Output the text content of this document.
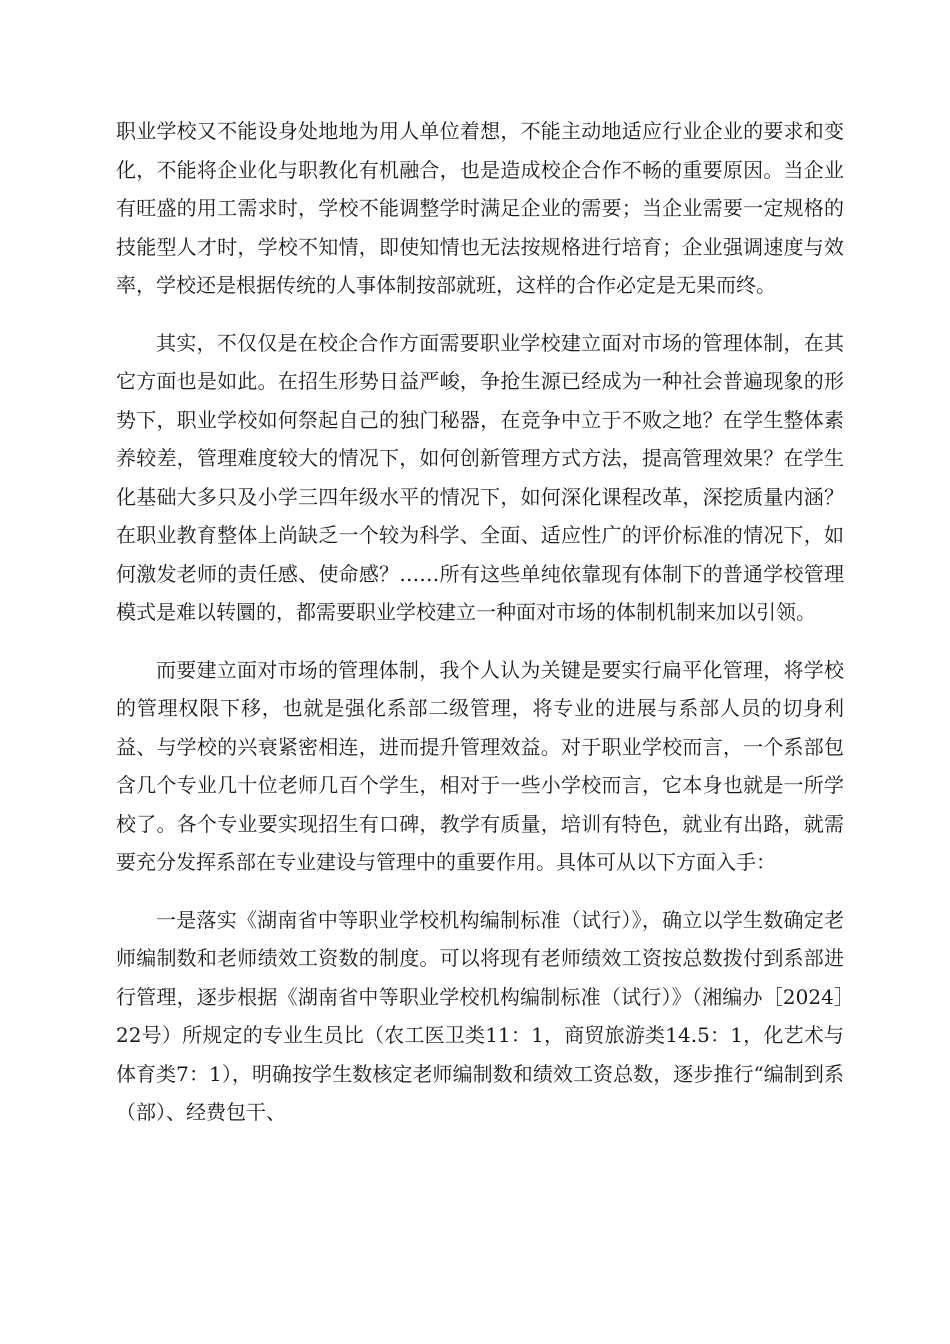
职业学校又不能设身处地地为用人单位着想，不能主动地适应行业企业的要求和变化，不能将企业化与职教化有机融合，也是造成校企合作不畅的重要原因。当企业有旺盛的用工需求时，学校不能调整学时满足企业的需要；当企业需要一定规格的技能型人才时，学校不知情，即使知情也无法按规格进行培育；企业强调速度与效率，学校还是根据传统的人事体制按部就班，这样的合作必定是无果而终。

其实，不仅仅是在校企合作方面需要职业学校建立面对市场的管理体制，在其它方面也是如此。在招生形势日益严峻，争抢生源已经成为一种社会普遍现象的形势下，职业学校如何祭起自己的独门秘器，在竞争中立于不败之地？在学生整体素养较差，管理难度较大的情况下，如何创新管理方式方法，提高管理效果？在学生化基础大多只及小学三四年级水平的情况下，如何深化课程改革，深挖质量内涵？在职业教育整体上尚缺乏一个较为科学、全面、适应性广的评价标准的情况下，如何激发老师的责任感、使命感？……所有这些单纯依靠现有体制下的普通学校管理模式是难以转圜的，都需要职业学校建立一种面对市场的体制机制来加以引领。

而要建立面对市场的管理体制，我个人认为关键是要实行扁平化管理，将学校的管理权限下移，也就是强化系部二级管理，将专业的进展与系部人员的切身利益、与学校的兴衰紧密相连，进而提升管理效益。对于职业学校而言，一个系部包含几个专业几十位老师几百个学生，相对于一些小学校而言，它本身也就是一所学校了。各个专业要实现招生有口碑，教学有质量，培训有特色，就业有出路，就需要充分发挥系部在专业建设与管理中的重要作用。具体可从以下方面入手：

一是落实《湖南省中等职业学校机构编制标准（试行）》，确立以学生数确定老师编制数和老师绩效工资数的制度。可以将现有老师绩效工资按总数拨付到系部进行管理，逐步根据《湖南省中等职业学校机构编制标准（试行）》（湘编办［2024］22号）所规定的专业生员比（农工医卫类11：1，商贸旅游类14.5：1，化艺术与体育类7：1），明确按学生数核定老师编制数和绩效工资总数，逐步推行“编制到系（部）、经费包干、
